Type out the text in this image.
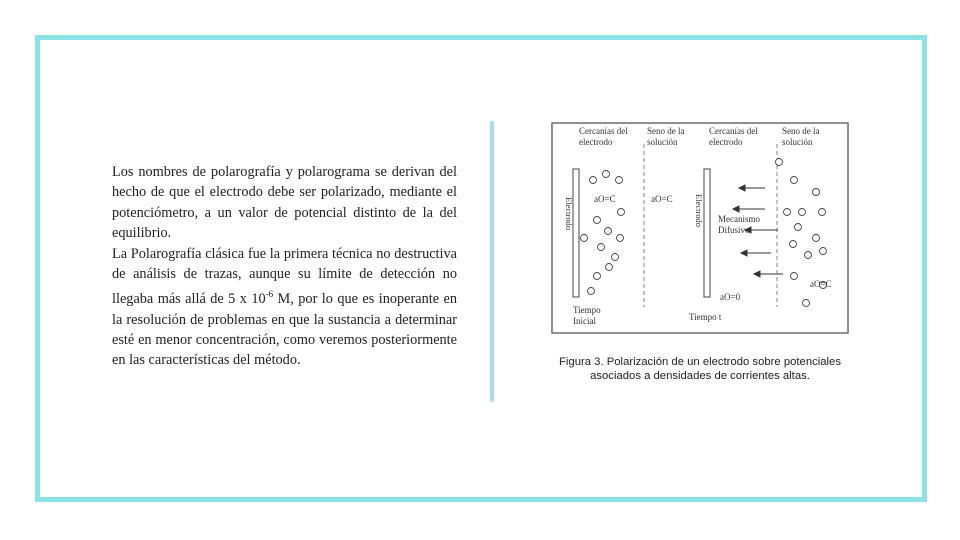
Los nombres de polarografía y polarograma se derivan del hecho de que el electrodo debe ser polarizado, mediante el potenciómetro, a un valor de potencial distinto de la del equilibrio.

La Polarografía clásica fue la primera técnica no destructiva de análisis de trazas, aunque su límite de detección no llegaba más allá de 5 x $10^{-6}$ M, por lo que es inoperante en la resolución de problemas en que la sustancia a determinar esté en menor concentración, como veremos posteriormente en las características del método.

Cercanías del
electrodo
Seno de la
solución
Cercanías del
electrodo
Seno de la
solución
Electrodo	Electrodo
aO=C	aO=C
Mecanismo
Difusivo
aO=0
aO=C
Tiempo
Inicial	Tiempo t
Figura 3. Polarización de un electrodo sobre potenciales
asociados a densidades de corrientes altas.
